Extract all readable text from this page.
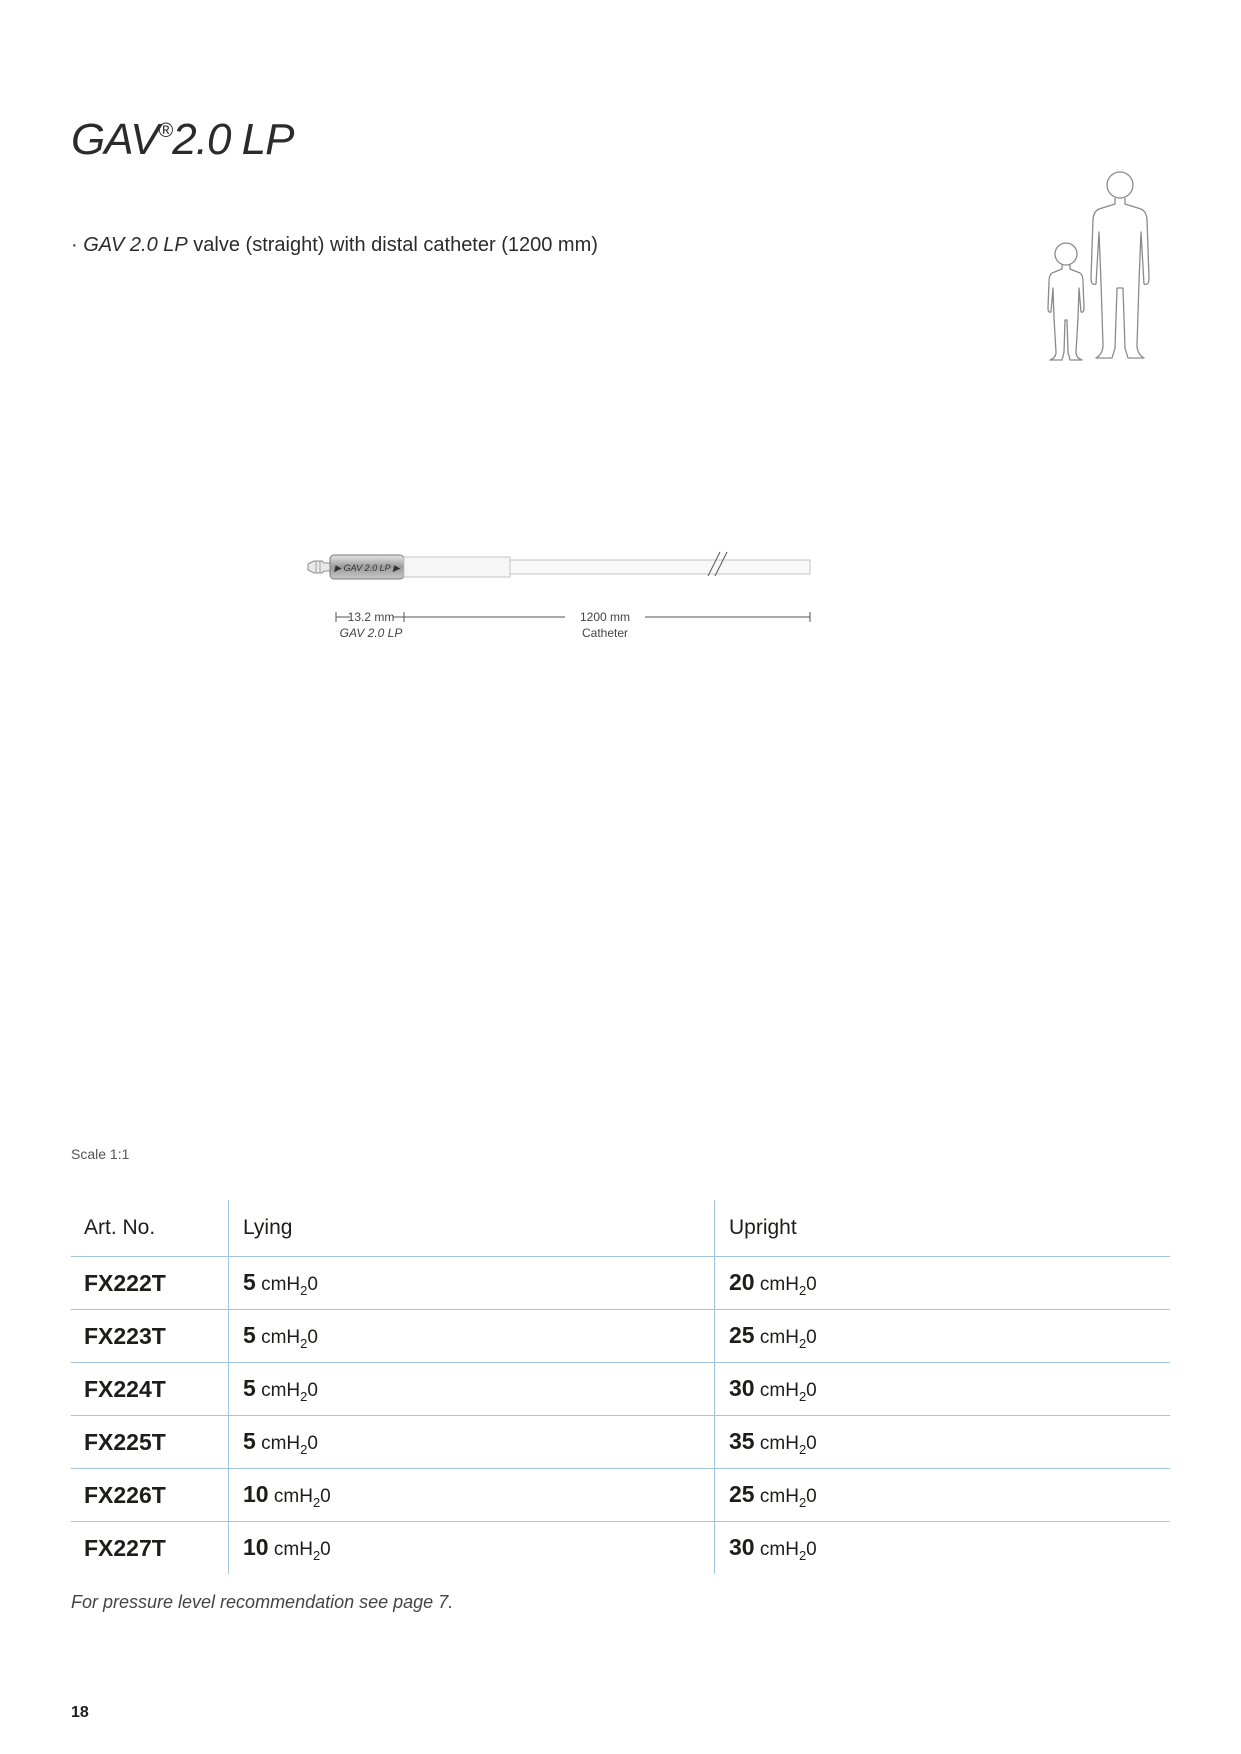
GAV®2.0 LP
· GAV 2.0 LP valve (straight) with distal catheter (1200 mm)
▶ GAV 2.0 LP ▶
13.2 mm
GAV 2.0 LP
1200 mm
Catheter
Scale 1:1
Art. No.	Lying	Upright
FX222T	5 cmH$_2$0	20 cmH$_2$0
FX223T	5 cmH$_2$0	25 cmH$_2$0
FX224T	5 cmH$_2$0	30 cmH$_2$0
FX225T	5 cmH$_2$0	35 cmH$_2$0
FX226T	10 cmH$_2$0	25 cmH$_2$0
FX227T	10 cmH$_2$0	30 cmH$_2$0
For pressure level recommendation see page 7.
18
